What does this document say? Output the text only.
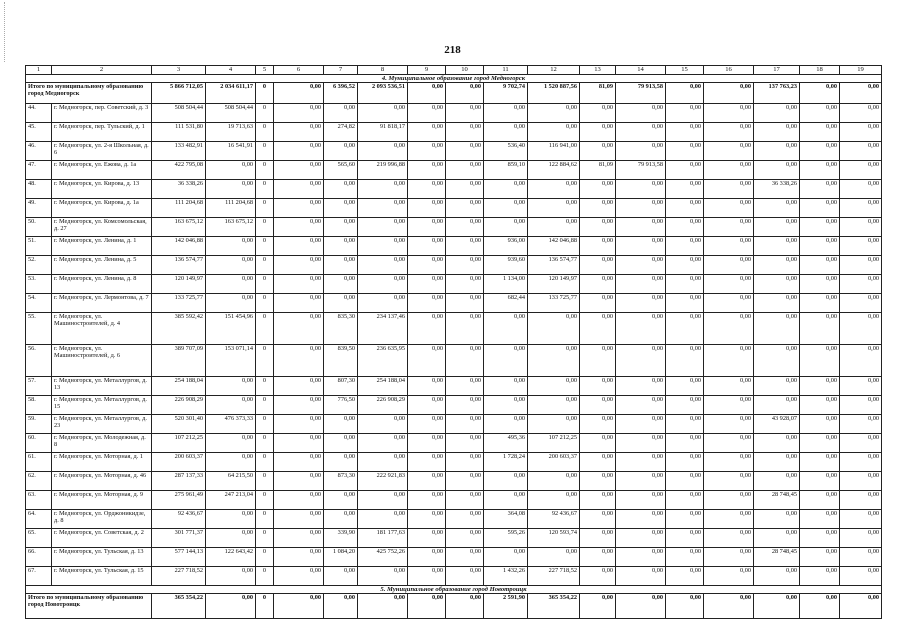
218
1	2	3	4	5	6	7	8	9	10	11	12	13	14	15	16	17	18	19
4. Муниципальное образование город Медногорск																		
Итого по муниципальному образованию город Медногорск		5 866 712,05	2 034 611,17	0	0,00	6 396,52	2 093 536,51	0,00	0,00	9 702,74	1 520 887,56	81,09	79 913,58	0,00	0,00	137 763,23	0,00	0,00
44.	г. Медногорск, пер. Советский, д. 3	508 504,44	508 504,44	0	0,00	0,00	0,00	0,00	0,00	0,00	0,00	0,00	0,00	0,00	0,00	0,00	0,00	0,00
45.	г. Медногорск, пер. Тульский, д. 1	111 531,80	19 713,63	0	0,00	274,82	91 818,17	0,00	0,00	0,00	0,00	0,00	0,00	0,00	0,00	0,00	0,00	0,00
46.	г. Медногорск, ул. 2-я Школьная, д. 6	133 482,91	16 541,91	0	0,00	0,00	0,00	0,00	0,00	536,40	116 941,00	0,00	0,00	0,00	0,00	0,00	0,00	0,00
47.	г. Медногорск, ул. Ежова, д. 1а	422 795,08	0,00	0	0,00	565,60	219 996,88	0,00	0,00	859,10	122 884,62	81,09	79 913,58	0,00	0,00	0,00	0,00	0,00
48.	г. Медногорск, ул. Кирова, д. 13	36 338,26	0,00	0	0,00	0,00	0,00	0,00	0,00	0,00	0,00	0,00	0,00	0,00	0,00	36 338,26	0,00	0,00
49.	г. Медногорск, ул. Кирова, д. 1а	111 204,68	111 204,68	0	0,00	0,00	0,00	0,00	0,00	0,00	0,00	0,00	0,00	0,00	0,00	0,00	0,00	0,00
50.	г. Медногорск, ул. Комсомольская, д. 27	163 675,12	163 675,12	0	0,00	0,00	0,00	0,00	0,00	0,00	0,00	0,00	0,00	0,00	0,00	0,00	0,00	0,00
51.	г. Медногорск, ул. Ленина, д. 1	142 046,88	0,00	0	0,00	0,00	0,00	0,00	0,00	936,00	142 046,88	0,00	0,00	0,00	0,00	0,00	0,00	0,00
52.	г. Медногорск, ул. Ленина, д. 5	136 574,77	0,00	0	0,00	0,00	0,00	0,00	0,00	939,60	136 574,77	0,00	0,00	0,00	0,00	0,00	0,00	0,00
53.	г. Медногорск, ул. Ленина, д. 8	120 149,97	0,00	0	0,00	0,00	0,00	0,00	0,00	1 134,00	120 149,97	0,00	0,00	0,00	0,00	0,00	0,00	0,00
54.	г. Медногорск, ул. Лермонтова, д. 7	133 725,77	0,00	0	0,00	0,00	0,00	0,00	0,00	682,44	133 725,77	0,00	0,00	0,00	0,00	0,00	0,00	0,00
55.	г. Медногорск, ул. Машиностроителей, д. 4	385 592,42	151 454,96	0	0,00	835,30	234 137,46	0,00	0,00	0,00	0,00	0,00	0,00	0,00	0,00	0,00	0,00	0,00
56.	г. Медногорск, ул. Машиностроителей, д. 6	389 707,09	153 071,14	0	0,00	839,50	236 635,95	0,00	0,00	0,00	0,00	0,00	0,00	0,00	0,00	0,00	0,00	0,00
57.	г. Медногорск, ул. Металлургов, д. 13	254 188,04	0,00	0	0,00	807,30	254 188,04	0,00	0,00	0,00	0,00	0,00	0,00	0,00	0,00	0,00	0,00	0,00
58.	г. Медногорск, ул. Металлургов, д. 15	226 908,29	0,00	0	0,00	776,50	226 908,29	0,00	0,00	0,00	0,00	0,00	0,00	0,00	0,00	0,00	0,00	0,00
59.	г. Медногорск, ул. Металлургов, д. 23	520 301,40	476 373,33	0	0,00	0,00	0,00	0,00	0,00	0,00	0,00	0,00	0,00	0,00	0,00	43 928,07	0,00	0,00
60.	г. Медногорск, ул. Молодежная, д. 8	107 212,25	0,00	0	0,00	0,00	0,00	0,00	0,00	495,36	107 212,25	0,00	0,00	0,00	0,00	0,00	0,00	0,00
61.	г. Медногорск, ул. Моторная, д. 1	200 603,37	0,00	0	0,00	0,00	0,00	0,00	0,00	1 728,24	200 603,37	0,00	0,00	0,00	0,00	0,00	0,00	0,00
62.	г. Медногорск, ул. Моторная, д. 46	287 137,33	64 215,50	0	0,00	873,30	222 921,83	0,00	0,00	0,00	0,00	0,00	0,00	0,00	0,00	0,00	0,00	0,00
63.	г. Медногорск, ул. Моторная, д. 9	275 961,49	247 213,04	0	0,00	0,00	0,00	0,00	0,00	0,00	0,00	0,00	0,00	0,00	0,00	28 748,45	0,00	0,00
64.	г. Медногорск, ул. Орджоникидзе, д. 8	92 436,67	0,00	0	0,00	0,00	0,00	0,00	0,00	364,08	92 436,67	0,00	0,00	0,00	0,00	0,00	0,00	0,00
65.	г. Медногорск, ул. Советская, д. 2	301 771,37	0,00	0	0,00	339,90	181 177,63	0,00	0,00	595,26	120 593,74	0,00	0,00	0,00	0,00	0,00	0,00	0,00
66.	г. Медногорск, ул. Тульская, д. 13	577 144,13	122 643,42	0	0,00	1 084,20	425 752,26	0,00	0,00	0,00	0,00	0,00	0,00	0,00	0,00	28 748,45	0,00	0,00
67.	г. Медногорск, ул. Тульская, д. 15	227 718,52	0,00	0	0,00	0,00	0,00	0,00	0,00	1 432,26	227 718,52	0,00	0,00	0,00	0,00	0,00	0,00	0,00
5. Муниципальное образование город Новотроицк																		
Итого по муниципальному образованию город Новотроицк		365 354,22	0,00	0	0,00	0,00	0,00	0,00	0,00	2 591,90	365 354,22	0,00	0,00	0,00	0,00	0,00	0,00	0,00
